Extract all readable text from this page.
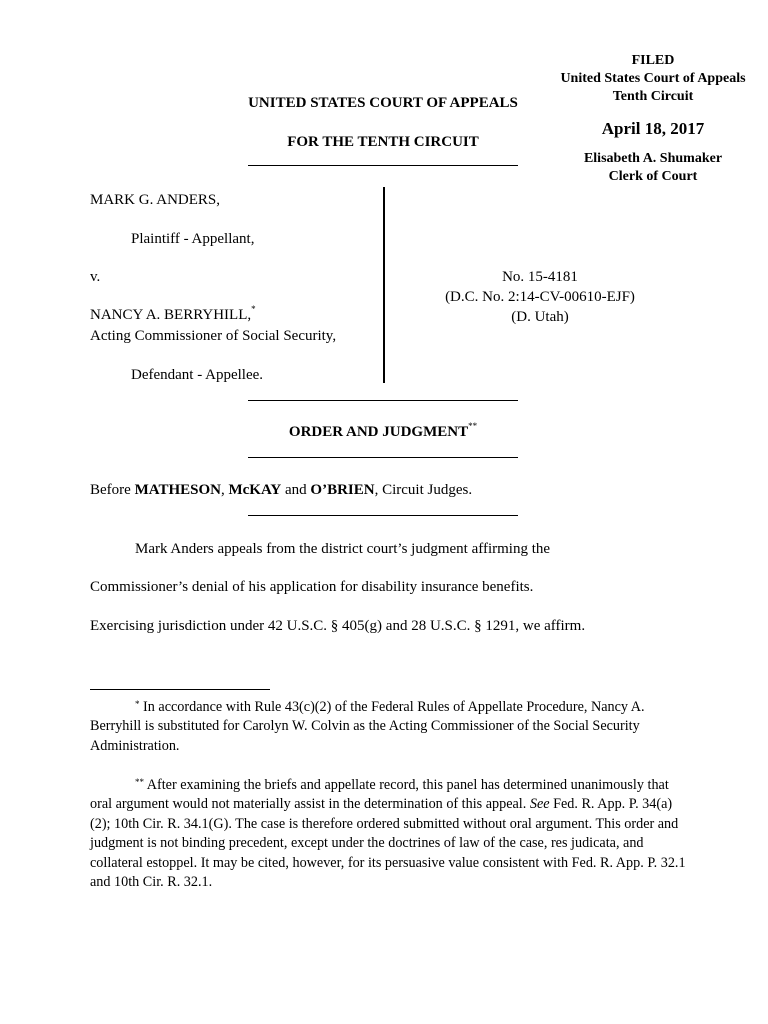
FILED
United States Court of Appeals
Tenth Circuit
April 18, 2017
Elisabeth A. Shumaker
Clerk of Court
UNITED STATES COURT OF APPEALS
FOR THE TENTH CIRCUIT
MARK G. ANDERS,
Plaintiff - Appellant,
v.
NANCY A. BERRYHILL,*
Acting Commissioner of Social Security,
Defendant - Appellee.
No. 15-4181
(D.C. No. 2:14-CV-00610-EJF)
(D. Utah)
ORDER AND JUDGMENT**
Before MATHESON, McKAY and O’BRIEN, Circuit Judges.
Mark Anders appeals from the district court’s judgment affirming the
Commissioner’s denial of his application for disability insurance benefits.
Exercising jurisdiction under 42 U.S.C. § 405(g) and 28 U.S.C. § 1291, we affirm.

* In accordance with Rule 43(c)(2) of the Federal Rules of Appellate Procedure, Nancy A. Berryhill is substituted for Carolyn W. Colvin as the Acting Commissioner of the Social Security Administration.

** After examining the briefs and appellate record, this panel has determined unanimously that oral argument would not materially assist in the determination of this appeal. See Fed. R. App. P. 34(a)(2); 10th Cir. R. 34.1(G). The case is therefore ordered submitted without oral argument. This order and judgment is not binding precedent, except under the doctrines of law of the case, res judicata, and collateral estoppel. It may be cited, however, for its persuasive value consistent with Fed. R. App. P. 32.1 and 10th Cir. R. 32.1.
